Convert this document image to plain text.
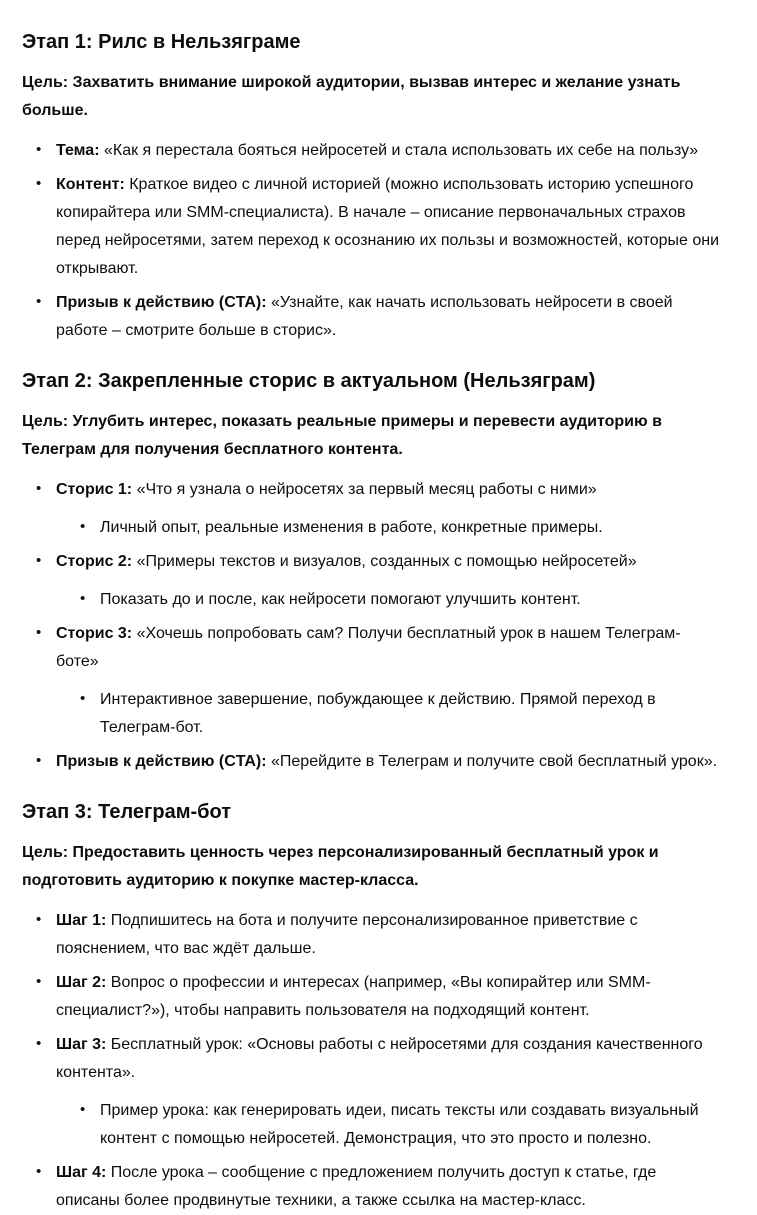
Этап 1: Рилс в Нельзяграме

Цель: Захватить внимание широкой аудитории, вызвав интерес и желание узнать больше.

• Тема: «Как я перестала бояться нейросетей и стала использовать их себе на пользу»
• Контент: Краткое видео с личной историей (можно использовать историю успешного копирайтера или SMM-специалиста). В начале – описание первоначальных страхов перед нейросетями, затем переход к осознанию их пользы и возможностей, которые они открывают.
• Призыв к действию (CTA): «Узнайте, как начать использовать нейросети в своей работе – смотрите больше в сторис».
Этап 2: Закрепленные сторис в актуальном (Нельзяграм)

Цель: Углубить интерес, показать реальные примеры и перевести аудиторию в Телеграм для получения бесплатного контента.

• Сторис 1: «Что я узнала о нейросетях за первый месяц работы с ними»
• Личный опыт, реальные изменения в работе, конкретные примеры.
• Сторис 2: «Примеры текстов и визуалов, созданных с помощью нейросетей»
• Показать до и после, как нейросети помогают улучшить контент.
• Сторис 3: «Хочешь попробовать сам? Получи бесплатный урок в нашем Телеграм-боте»
• Интерактивное завершение, побуждающее к действию. Прямой переход в Телеграм-бот.
• Призыв к действию (CTA): «Перейдите в Телеграм и получите свой бесплатный урок».
Этап 3: Телеграм-бот

Цель: Предоставить ценность через персонализированный бесплатный урок и подготовить аудиторию к покупке мастер-класса.

• Шаг 1: Подпишитесь на бота и получите персонализированное приветствие с пояснением, что вас ждёт дальше.
• Шаг 2: Вопрос о профессии и интересах (например, «Вы копирайтер или SMM-специалист?»), чтобы направить пользователя на подходящий контент.
• Шаг 3: Бесплатный урок: «Основы работы с нейросетями для создания качественного контента».
• Пример урока: как генерировать идеи, писать тексты или создавать визуальный контент с помощью нейросетей. Демонстрация, что это просто и полезно.
• Шаг 4: После урока – сообщение с предложением получить доступ к статье, где описаны более продвинутые техники, а также ссылка на мастер-класс.
